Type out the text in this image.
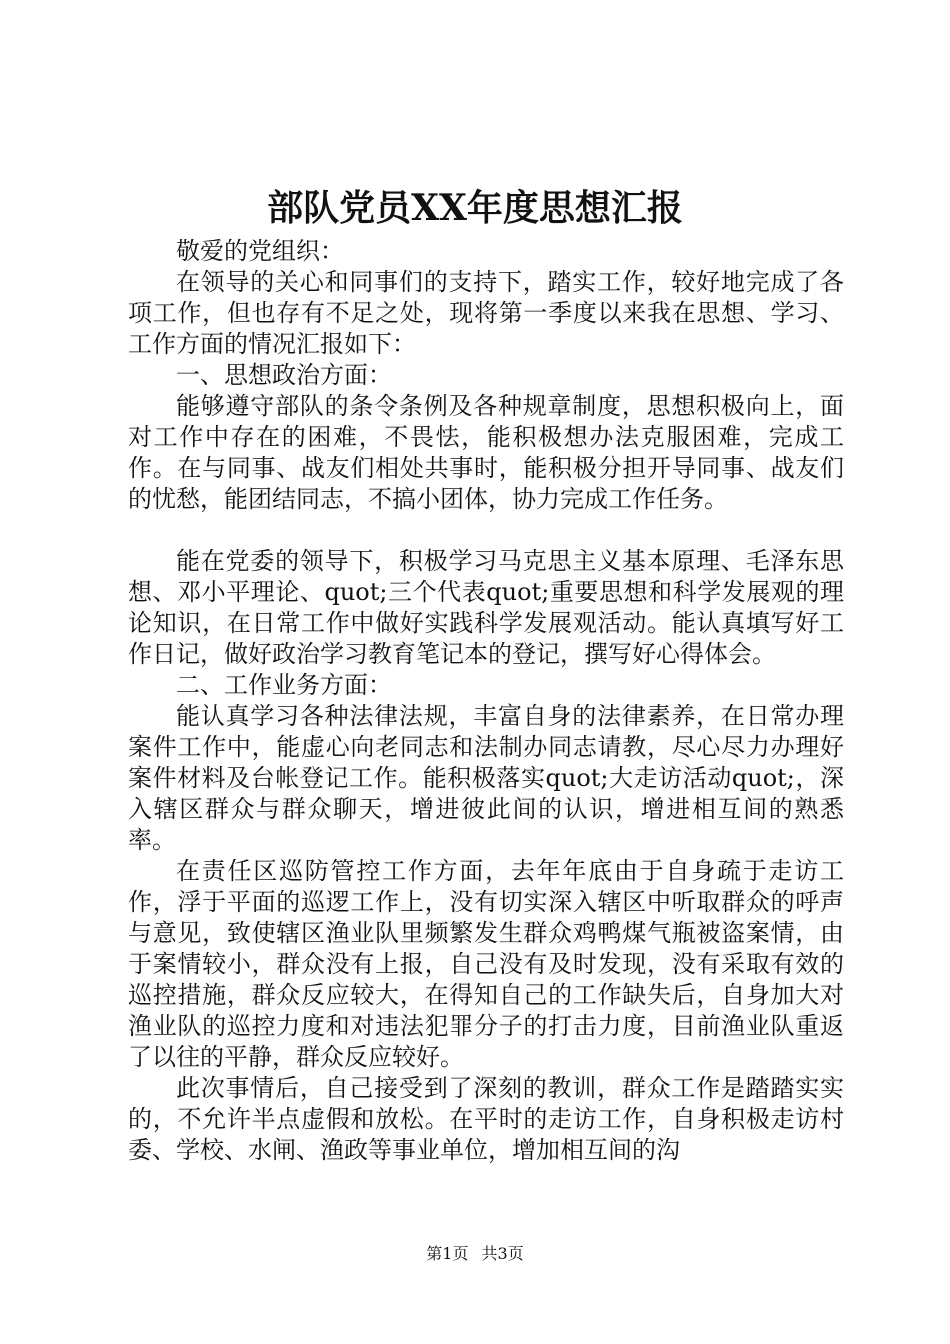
部队党员XX年度思想汇报

敬爱的党组织：

在领导的关心和同事们的支持下，踏实工作，较好地完成了各项工作，但也存有不足之处，现将第一季度以来我在思想、学习、工作方面的情况汇报如下：

一、思想政治方面：

能够遵守部队的条令条例及各种规章制度，思想积极向上，面对工作中存在的困难，不畏怯，能积极想办法克服困难，完成工作。在与同事、战友们相处共事时，能积极分担开导同事、战友们的忧愁，能团结同志，不搞小团体，协力完成工作任务。

能在党委的领导下，积极学习马克思主义基本原理、毛泽东思想、邓小平理论、quot;三个代表quot;重要思想和科学发展观的理论知识，在日常工作中做好实践科学发展观活动。能认真填写好工作日记，做好政治学习教育笔记本的登记，撰写好心得体会。

二、工作业务方面：

能认真学习各种法律法规，丰富自身的法律素养，在日常办理案件工作中，能虚心向老同志和法制办同志请教，尽心尽力办理好案件材料及台帐登记工作。能积极落实quot;大走访活动quot;，深入辖区群众与群众聊天，增进彼此间的认识，增进相互间的熟悉率。

在责任区巡防管控工作方面，去年年底由于自身疏于走访工作，浮于平面的巡逻工作上，没有切实深入辖区中听取群众的呼声与意见，致使辖区渔业队里频繁发生群众鸡鸭煤气瓶被盗案情，由于案情较小，群众没有上报，自己没有及时发现，没有采取有效的巡控措施，群众反应较大，在得知自己的工作缺失后，自身加大对渔业队的巡控力度和对违法犯罪分子的打击力度，目前渔业队重返了以往的平静，群众反应较好。

此次事情后，自己接受到了深刻的教训，群众工作是踏踏实实的，不允许半点虚假和放松。在平时的走访工作，自身积极走访村委、学校、水闸、渔政等事业单位，增加相互间的沟

第1页 共3页
